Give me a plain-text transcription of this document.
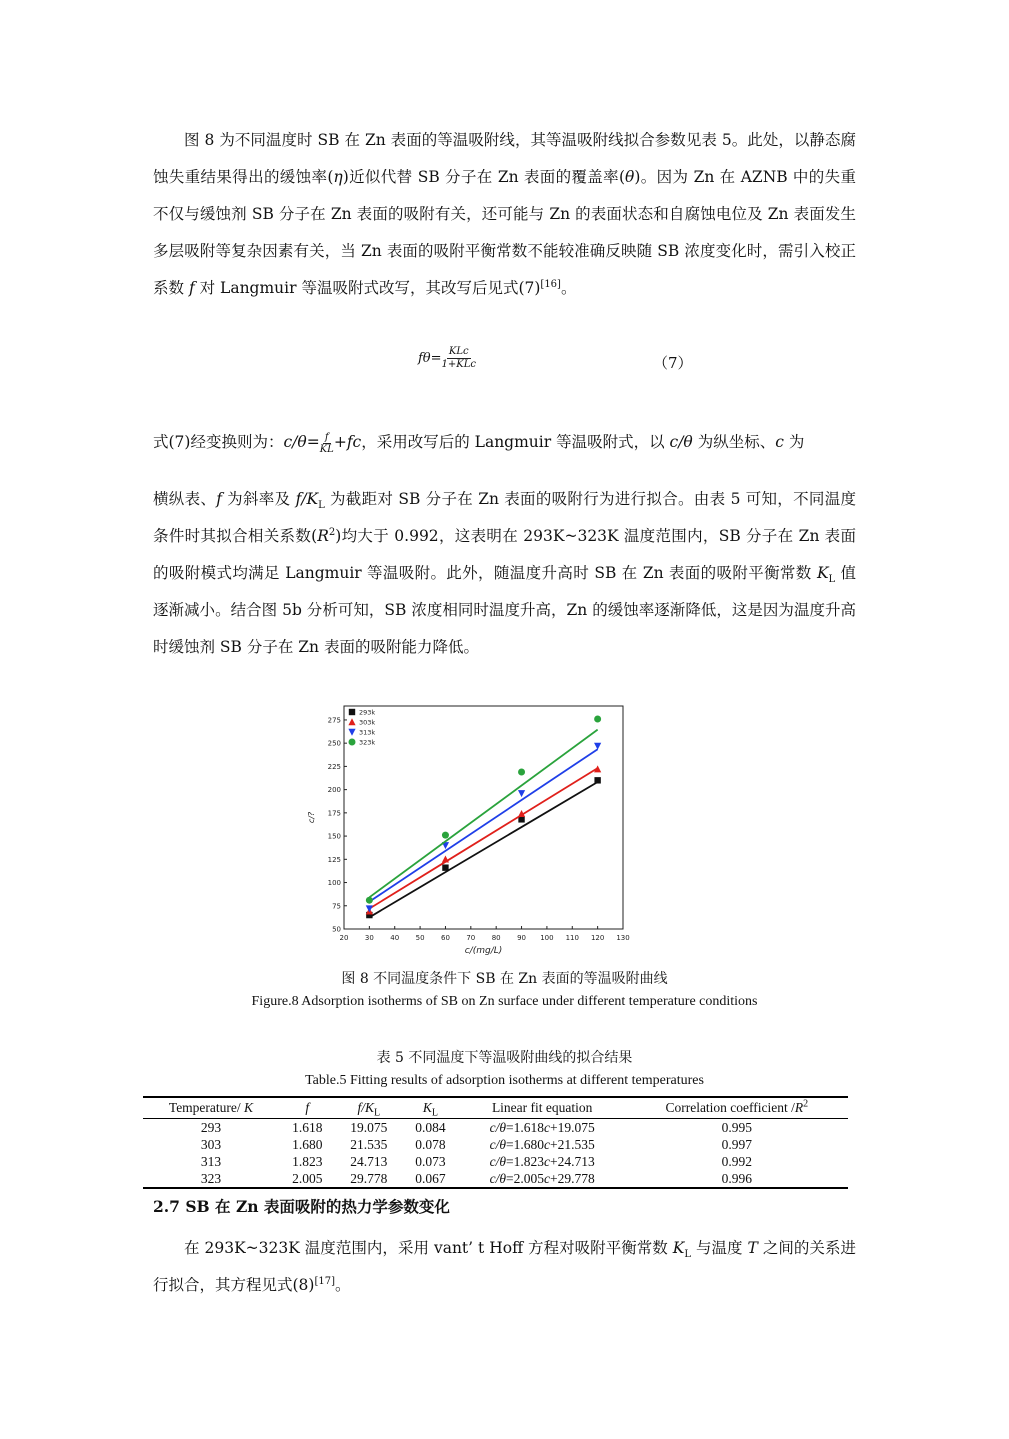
图 8 为不同温度时 SB 在 Zn 表面的等温吸附线，其等温吸附线拟合参数见表 5。此处，以静态腐蚀失重结果得出的缓蚀率(η)近似代替 SB 分子在 Zn 表面的覆盖率(θ)。因为 Zn 在 AZNB 中的失重不仅与缓蚀剂 SB 分子在 Zn 表面的吸附有关，还可能与 Zn 的表面状态和自腐蚀电位及 Zn 表面发生多层吸附等复杂因素有关，当 Zn 表面的吸附平衡常数不能较准确反映随 SB 浓度变化时，需引入校正系数 f 对 Langmuir 等温吸附式改写，其改写后见式(7)[16]。

fθ= KLc
1+KLc	（7）

式(7)经变换则为：$c/\theta= \frac{f}{KL} +fc$，采用改写后的 Langmuir 等温吸附式，以 c/θ 为纵坐标、c 为

横纵表、f 为斜率及 $f/K_L$ 为截距对 SB 分子在 Zn 表面的吸附行为进行拟合。由表 5 可知，不同温度条件时其拟合相关系数$(R^2)$均大于 0.992，这表明在 293K~323K 温度范围内，SB 分子在 Zn 表面的吸附模式均满足 Langmuir 等温吸附。此外，随温度升高时 SB 在 Zn 表面的吸附平衡常数 $K_L$ 值逐渐减小。结合图 5b 分析可知，SB 浓度相同时温度升高，Zn 的缓蚀率逐渐降低，这是因为温度升高时缓蚀剂 SB 分子在 Zn 表面的吸附能力降低。

20 30 40 50 60 70 80 90 100 110 120 130
50
75
100
125
150
175
200
225
250
275
c/(mg/L)
c/?
293k
303k
313k
323k
图 8 不同温度条件下 SB 在 Zn 表面的等温吸附曲线
Figure.8 Adsorption isotherms of SB on Zn surface under different temperature conditions
表 5 不同温度下等温吸附曲线的拟合结果
Table.5 Fitting results of adsorption isotherms at different temperatures
Temperature/ K	f	$f/K_L$	$K_L$	Linear fit equation	Correlation coefficient $/R^2$
293	1.618	19.075	0.084	c/θ=1.618c+19.075	0.995
303	1.680	21.535	0.078	c/θ=1.680c+21.535	0.997
313	1.823	24.713	0.073	c/θ=1.823c+24.713	0.992
323	2.005	29.778	0.067	c/θ=2.005c+29.778	0.996
2.7 SB 在 Zn 表面吸附的热力学参数变化

在 293K~323K 温度范围内，采用 vant’ t Hoff 方程对吸附平衡常数 $K_L$ 与温度 T 之间的关系进行拟合，其方程见式(8)[17]。
